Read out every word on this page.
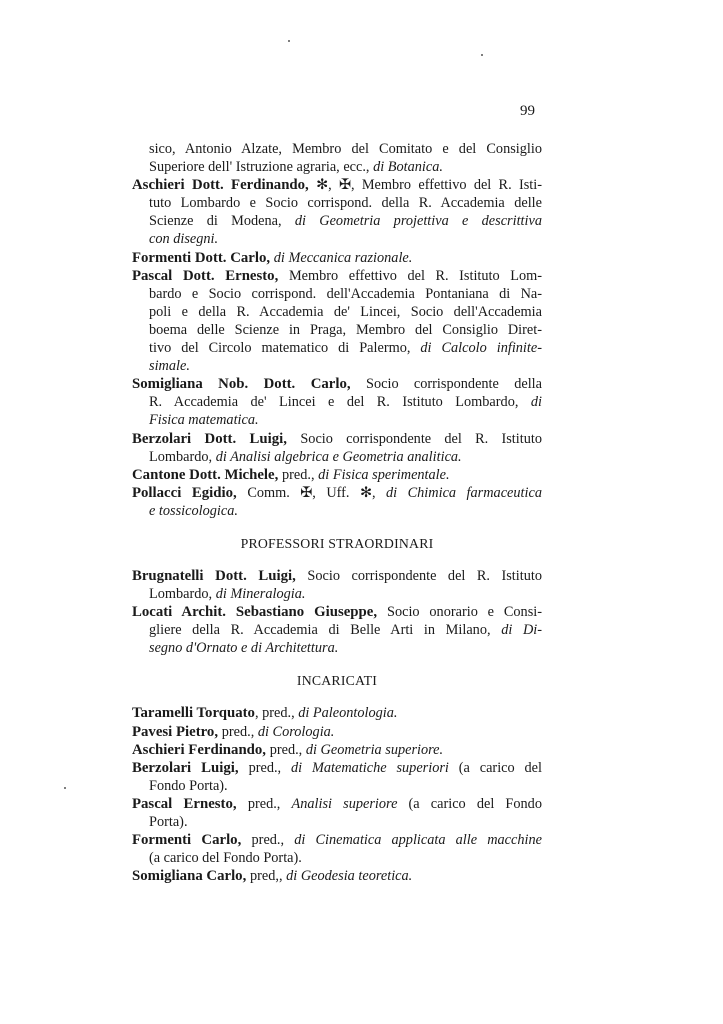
99
sico, Antonio Alzate, Membro del Comitato e del Consiglio
Superiore dell' Istruzione agraria, ecc., di Botanica.
Aschieri Dott. Ferdinando, ✻, ✠, Membro effettivo del R. Isti-
tuto Lombardo e Socio corrispond. della R. Accademia delle
Scienze di Modena, di Geometria projettiva e descrittiva
con disegni.
Formenti Dott. Carlo, di Meccanica razionale.
Pascal Dott. Ernesto, Membro effettivo del R. Istituto Lom-
bardo e Socio corrispond. dell'Accademia Pontaniana di Na-
poli e della R. Accademia de' Lincei, Socio dell'Accademia
boema delle Scienze in Praga, Membro del Consiglio Diret-
tivo del Circolo matematico di Palermo, di Calcolo infinite-
simale.
Somigliana Nob. Dott. Carlo, Socio corrispondente della
R. Accademia de' Lincei e del R. Istituto Lombardo, di
Fisica matematica.
Berzolari Dott. Luigi, Socio corrispondente del R. Istituto
Lombardo, di Analisi algebrica e Geometria analitica.
Cantone Dott. Michele, pred., di Fisica sperimentale.
Pollacci Egidio, Comm. ✠, Uff. ✻, di Chimica farmaceutica
e tossicologica.
PROFESSORI STRAORDINARI
Brugnatelli Dott. Luigi, Socio corrispondente del R. Istituto
Lombardo, di Mineralogia.
Locati Archit. Sebastiano Giuseppe, Socio onorario e Consi-
gliere della R. Accademia di Belle Arti in Milano, di Di-
segno d'Ornato e di Architettura.
INCARICATI
Taramelli Torquato, pred., di Paleontologia.
Pavesi Pietro, pred., di Corologia.
Aschieri Ferdinando, pred., di Geometria superiore.
Berzolari Luigi, pred., di Matematiche superiori (a carico del
Fondo Porta).
Pascal Ernesto, pred., Analisi superiore (a carico del Fondo
Porta).
Formenti Carlo, pred., di Cinematica applicata alle macchine
(a carico del Fondo Porta).
Somigliana Carlo, pred,, di Geodesia teoretica.
